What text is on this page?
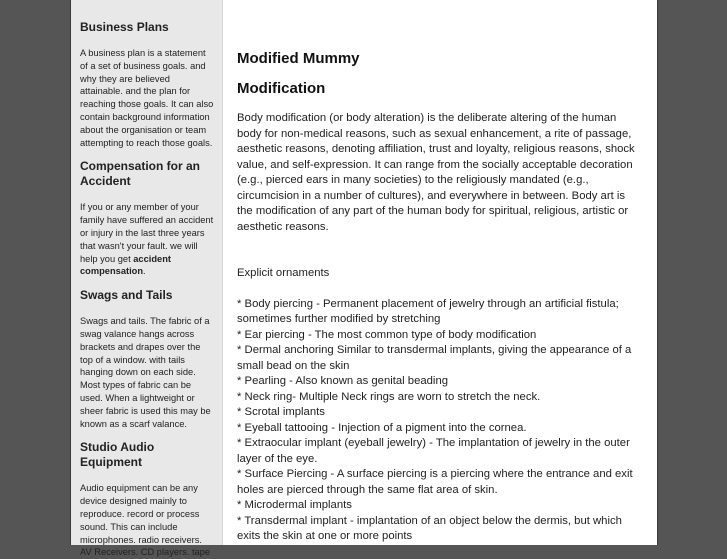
Business Plans
A business plan is a statement of a set of business goals. and why they are believed attainable. and the plan for reaching those goals. It can also contain background information about the organisation or team attempting to reach those goals.
Compensation for an Accident
If you or any member of your family have suffered an accident or injury in the last three years that wasn't your fault. we will help you get accident compensation.
Swags and Tails
Swags and tails. The fabric of a swag valance hangs across brackets and drapes over the top of a window. with tails hanging down on each side. Most types of fabric can be used. When a lightweight or sheer fabric is used this may be known as a scarf valance.
Studio Audio Equipment
Audio equipment can be any device designed mainly to reproduce. record or process sound. This can include microphones. radio receivers. AV Receivers. CD players. tape
Modified Mummy
Modification

Body modification (or body alteration) is the deliberate altering of the human body for non-medical reasons, such as sexual enhancement, a rite of passage, aesthetic reasons, denoting affiliation, trust and loyalty, religious reasons, shock value, and self-expression. It can range from the socially acceptable decoration (e.g., pierced ears in many societies) to the religiously mandated (e.g., circumcision in a number of cultures), and everywhere in between. Body art is the modification of any part of the human body for spiritual, religious, artistic or aesthetic reasons.

Explicit ornaments

* Body piercing - Permanent placement of jewelry through an artificial fistula; sometimes further modified by stretching

* Ear piercing - The most common type of body modification

* Dermal anchoring Similar to transdermal implants, giving the appearance of a small bead on the skin

* Pearling - Also known as genital beading

* Neck ring- Multiple Neck rings are worn to stretch the neck.

* Scrotal implants

* Eyeball tattooing - Injection of a pigment into the cornea.

* Extraocular implant (eyeball jewelry) - The implantation of jewelry in the outer layer of the eye.

* Surface Piercing - A surface piercing is a piercing where the entrance and exit holes are pierced through the same flat area of skin.

* Microdermal implants

* Transdermal implant - implantation of an object below the dermis, but which exits the skin at one or more points
